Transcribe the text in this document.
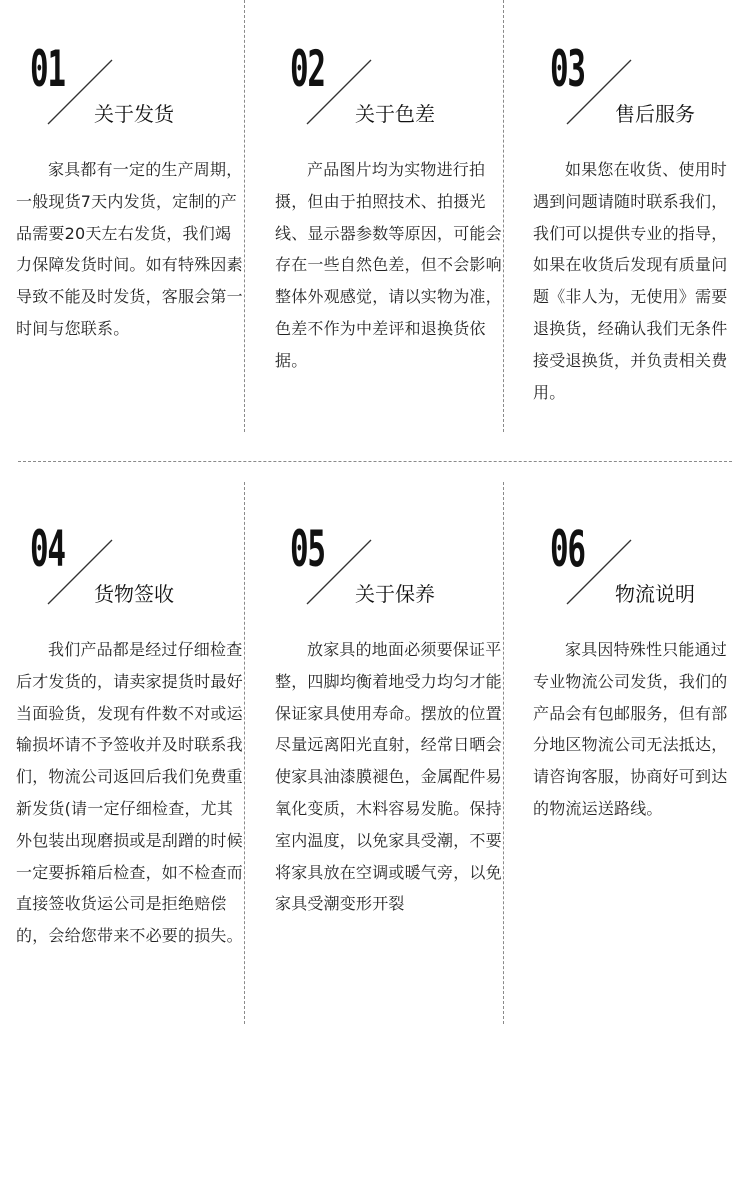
01
关于发货
家具都有一定的生产周期，一般现货7天内发货，定制的产品需要20天左右发货，我们竭力保障发货时间。如有特殊因素导致不能及时发货，客服会第一时间与您联系。
02
关于色差
产品图片均为实物进行拍摄，但由于拍照技术、拍摄光线、显示器参数等原因，可能会存在一些自然色差，但不会影响整体外观感觉，请以实物为准，色差不作为中差评和退换货依据。
03
售后服务
如果您在收货、使用时遇到问题请随时联系我们，我们可以提供专业的指导，如果在收货后发现有质量问题《非人为，无使用》需要退换货，经确认我们无条件接受退换货，并负责相关费用。
04
货物签收
我们产品都是经过仔细检查后才发货的，请卖家提货时最好当面验货，发现有件数不对或运输损坏请不予签收并及时联系我们，物流公司返回后我们免费重新发货(请一定仔细检查，尤其外包装出现磨损或是刮蹭的时候一定要拆箱后检查，如不检查而直接签收货运公司是拒绝赔偿的，会给您带来不必要的损失。
05
关于保养
放家具的地面必须要保证平整，四脚均衡着地受力均匀才能保证家具使用寿命。摆放的位置尽量远离阳光直射，经常日晒会使家具油漆膜褪色，金属配件易氧化变质，木料容易发脆。保持室内温度，以免家具受潮，不要将家具放在空调或暖气旁，以免家具受潮变形开裂
06
物流说明
家具因特殊性只能通过专业物流公司发货，我们的产品会有包邮服务，但有部分地区物流公司无法抵达，请咨询客服，协商好可到达的物流运送路线。
